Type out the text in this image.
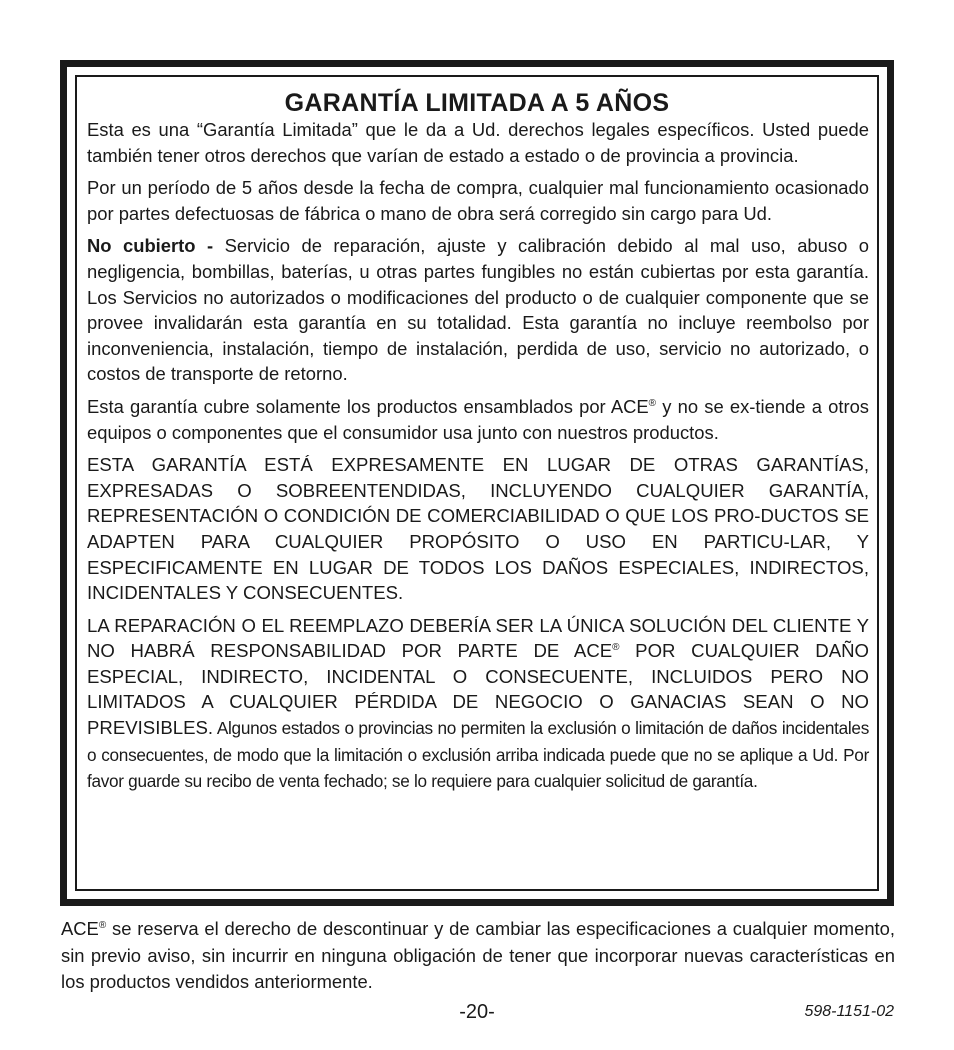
GARANTÍA LIMITADA A 5 AÑOS

Esta es una “Garantía Limitada” que le da a Ud. derechos legales específicos. Usted puede también tener otros derechos que varían de estado a estado o de provincia a provincia.

Por un período de 5 años desde la fecha de compra, cualquier mal funcionamiento ocasionado por partes defectuosas de fábrica o mano de obra será corregido sin cargo para Ud.

No cubierto - Servicio de reparación, ajuste y calibración debido al mal uso, abuso o negligencia, bombillas, baterías, u otras partes fungibles no están cubiertas por esta garantía. Los Servicios no autorizados o modificaciones del producto o de cualquier componente que se provee invalidarán esta garantía en su totalidad. Esta garantía no incluye reembolso por inconveniencia, instalación, tiempo de instalación, perdida de uso, servicio no autorizado, o costos de transporte de retorno.

Esta garantía cubre solamente los productos ensamblados por ACE® y no se ex-tiende a otros equipos o componentes que el consumidor usa junto con nuestros productos.

ESTA GARANTÍA ESTÁ EXPRESAMENTE EN LUGAR DE OTRAS GARANTÍAS, EXPRESADAS O SOBREENTENDIDAS, INCLUYENDO CUALQUIER GARANTÍA, REPRESENTACIÓN O CONDICIÓN DE COMERCIABILIDAD O QUE LOS PRO-DUCTOS SE ADAPTEN PARA CUALQUIER PROPÓSITO O USO EN PARTICU-LAR, Y ESPECIFICAMENTE EN LUGAR DE TODOS LOS DAÑOS ESPECIALES, INDIRECTOS, INCIDENTALES Y CONSECUENTES.

LA REPARACIÓN O EL REEMPLAZO DEBERÍA SER LA ÚNICA SOLUCIÓN DEL CLIENTE Y NO HABRÁ RESPONSABILIDAD POR PARTE DE ACE® POR CUALQUIER DAÑO ESPECIAL, INDIRECTO, INCIDENTAL O CONSECUENTE, INCLUIDOS PERO NO LIMITADOS A CUALQUIER PÉRDIDA DE NEGOCIO O GANACIAS SEAN O NO PREVISIBLES. Algunos estados o provincias no permiten la exclusión o limitación de daños incidentales o consecuentes, de modo que la limitación o exclusión arriba indicada puede que no se aplique a Ud. Por favor guarde su recibo de venta fechado; se lo requiere para cualquier solicitud de garantía.

ACE® se reserva el derecho de descontinuar y de cambiar las especificaciones a cualquier momento, sin previo aviso, sin incurrir en ninguna obligación de tener que incorporar nuevas características en los productos vendidos anteriormente.
-20-	598-1151-02
